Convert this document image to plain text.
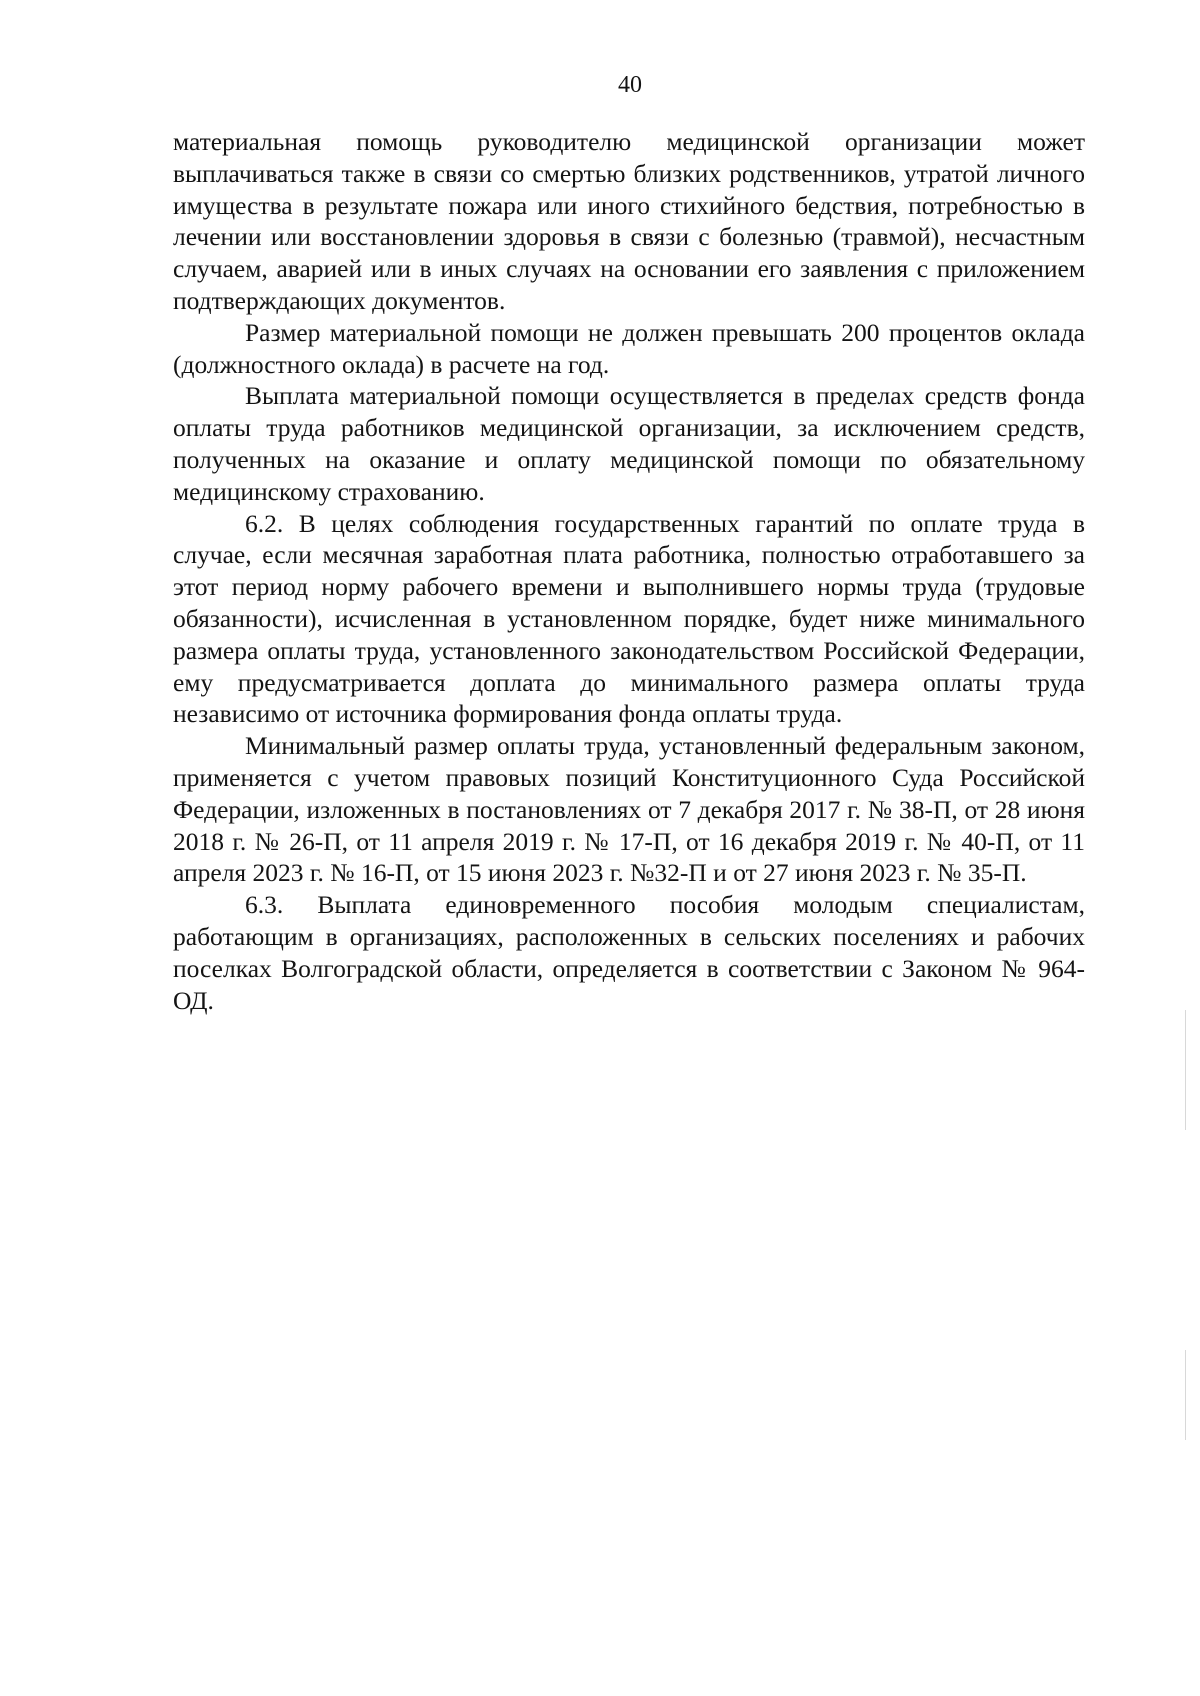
40

материальная помощь руководителю медицинской организации может выплачиваться также в связи со смертью близких родственников, утратой личного имущества в результате пожара или иного стихийного бедствия, потребностью в лечении или восстановлении здоровья в связи с болезнью (травмой), несчастным случаем, аварией или в иных случаях на основании его заявления с приложением подтверждающих документов.

Размер материальной помощи не должен превышать 200 процентов оклада (должностного оклада) в расчете на год.

Выплата материальной помощи осуществляется в пределах средств фонда оплаты труда работников медицинской организации, за исключением средств, полученных на оказание и оплату медицинской помощи по обязательному медицинскому страхованию.

6.2. В целях соблюдения государственных гарантий по оплате труда в случае, если месячная заработная плата работника, полностью отработавшего за этот период норму рабочего времени и выполнившего нормы труда (трудовые обязанности), исчисленная в установленном порядке, будет ниже минимального размера оплаты труда, установленного законодательством Российской Федерации, ему предусматривается доплата до минимального размера оплаты труда независимо от источника формирования фонда оплаты труда.

Минимальный размер оплаты труда, установленный федеральным законом, применяется с учетом правовых позиций Конституционного Суда Российской Федерации, изложенных в постановлениях от 7 декабря 2017 г. № 38-П, от 28 июня 2018 г. № 26-П, от 11 апреля 2019 г. № 17-П, от 16 декабря 2019 г. № 40-П, от 11 апреля 2023 г. № 16-П, от 15 июня 2023 г. №32-П и от 27 июня 2023 г. № 35-П.

6.3. Выплата единовременного пособия молодым специалистам, работающим в организациях, расположенных в сельских поселениях и рабочих поселках Волгоградской области, определяется в соответствии с Законом № 964-ОД.
